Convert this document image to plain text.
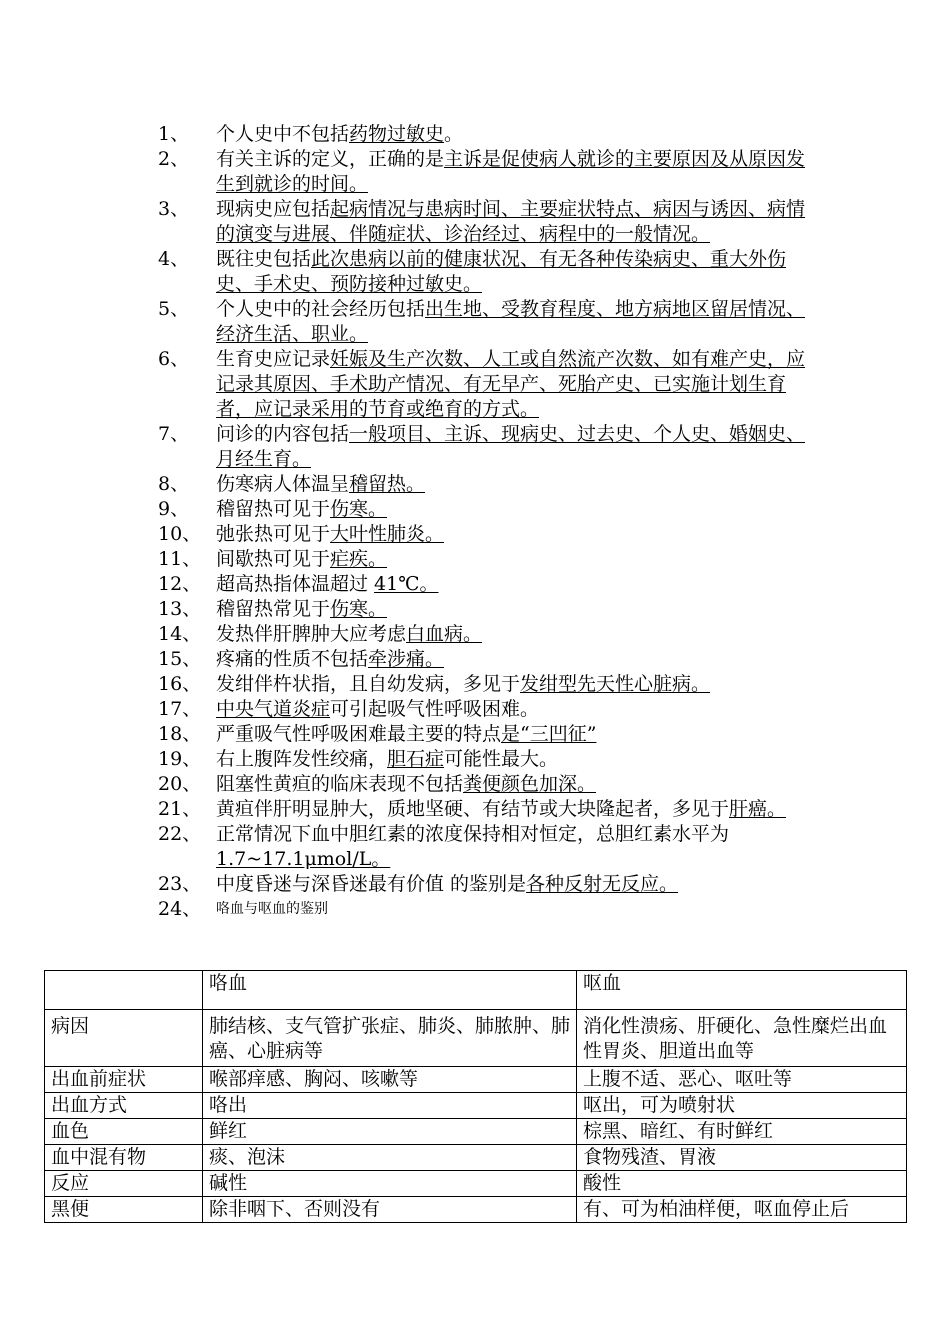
1、	个人史中不包括药物过敏史。
2、	有关主诉的定义，正确的是主诉是促使病人就诊的主要原因及从原因发生到就诊的时间。
3、	现病史应包括起病情况与患病时间、主要症状特点、病因与诱因、病情的演变与进展、伴随症状、诊治经过、病程中的一般情况。
4、	既往史包括此次患病以前的健康状况、有无各种传染病史、重大外伤史、手术史、预防接种过敏史。
5、	个人史中的社会经历包括出生地、受教育程度、地方病地区留居情况、经济生活、职业。
6、	生育史应记录妊娠及生产次数、人工或自然流产次数、如有难产史，应记录其原因、手术助产情况、有无早产、死胎产史、已实施计划生育者，应记录采用的节育或绝育的方式。
7、	问诊的内容包括一般项目、主诉、现病史、过去史、个人史、婚姻史、月经生育。
8、	伤寒病人体温呈稽留热。
9、	稽留热可见于伤寒。
10、 弛张热可见于大叶性肺炎。
11、 间歇热可见于疟疾。
12、 超高热指体温超过 41℃。
13、 稽留热常见于伤寒。
14、 发热伴肝脾肿大应考虑白血病。
15、 疼痛的性质不包括牵涉痛。
16、 发绀伴杵状指，且自幼发病，多见于发绀型先天性心脏病。
17、 中央气道炎症可引起吸气性呼吸困难。
18、 严重吸气性呼吸困难最主要的特点是“三凹征”
19、 右上腹阵发性绞痛，胆石症可能性最大。
20、 阻塞性黄疸的临床表现不包括粪便颜色加深。
21、 黄疸伴肝明显肿大，质地坚硬、有结节或大块隆起者，多见于肝癌。
22、 正常情况下血中胆红素的浓度保持相对恒定，总胆红素水平为 1.7~17.1μmol/L。
23、 中度昏迷与深昏迷最有价值 的鉴别是各种反射无反应。
24、	咯血与呕血的鉴别
	咯血	呕血
病因	肺结核、支气管扩张症、肺炎、肺脓肿、肺癌、心脏病等	消化性溃疡、肝硬化、急性糜烂出血性胃炎、胆道出血等
出血前症状	喉部痒感、胸闷、咳嗽等	上腹不适、恶心、呕吐等
出血方式	咯出	呕出，可为喷射状
血色	鲜红	棕黑、暗红、有时鲜红
血中混有物	痰、泡沫	食物残渣、胃液
反应	碱性	酸性
黑便	除非咽下、否则没有	有、可为柏油样便，呕血停止后
